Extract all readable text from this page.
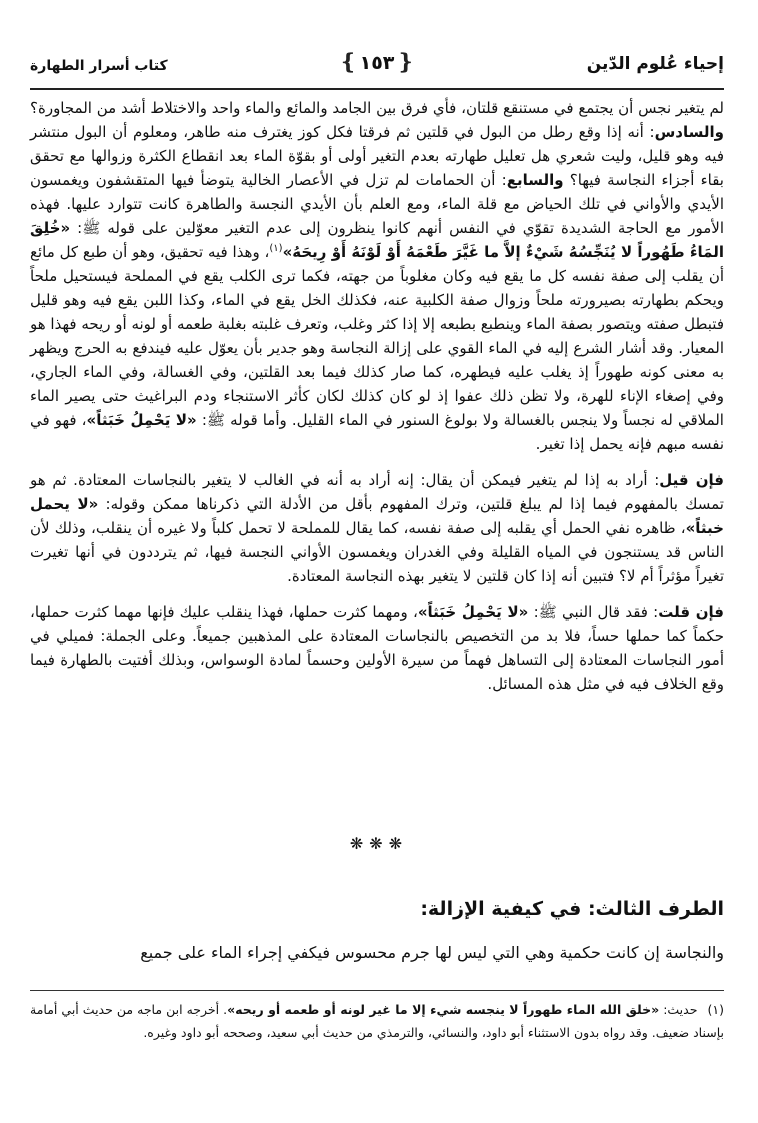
إحياء عُلوم الدّين
❴ ١٥٣❵
كتاب أسرار الطهارة

لم يتغير نجس أن يجتمع في مستنقع قلتان، فأي فرق بين الجامد والمائع والماء واحد والاختلاط أشد من المجاورة؟ والسادس: أنه إذا وقع رطل من البول في قلتين ثم فرقتا فكل كوز يغترف منه طاهر، ومعلوم أن البول منتشر فيه وهو قليل، وليت شعري هل تعليل طهارته بعدم التغير أولى أو بقوّة الماء بعد انقطاع الكثرة وزوالها مع تحقق بقاء أجزاء النجاسة فيها؟ والسابع: أن الحمامات لم تزل في الأعصار الخالية يتوضأ فيها المتقشفون ويغمسون الأيدي والأواني في تلك الحياض مع قلة الماء، ومع العلم بأن الأيدي النجسة والطاهرة كانت تتوارد عليها. فهذه الأمور مع الحاجة الشديدة تقوّي في النفس أنهم كانوا ينظرون إلى عدم التغير معوّلين على قوله ﷺ: «خُلِقَ المَاءُ طَهُوراً لا يُنَجِّسُهُ شَيْءٌ إلاَّ ما غَيَّرَ طَعْمَهُ أَوْ لَوْنَهُ أَوْ رِيحَهُ»$^{(١)}$، وهذا فيه تحقيق، وهو أن طبع كل مائع أن يقلب إلى صفة نفسه كل ما يقع فيه وكان مغلوباً من جهته، فكما ترى الكلب يقع في المملحة فيستحيل ملحاً ويحكم بطهارته بصيرورته ملحاً وزوال صفة الكلبية عنه، فكذلك الخل يقع في الماء، وكذا اللبن يقع فيه وهو قليل فتبطل صفته ويتصور بصفة الماء وينطبع بطبعه إلا إذا كثر وغلب، وتعرف غلبته بغلبة طعمه أو لونه أو ريحه فهذا هو المعيار. وقد أشار الشرع إليه في الماء القوي على إزالة النجاسة وهو جدير بأن يعوّل عليه فيندفع به الحرج ويظهر به معنى كونه طهوراً إذ يغلب عليه فيطهره، كما صار كذلك فيما بعد القلتين، وفي الغسالة، وفي الماء الجاري، وفي إصغاء الإناء للهرة، ولا تظن ذلك عفوا إذ لو كان كذلك لكان كأثر الاستنجاء ودم البراغيث حتى يصير الماء الملاقي له نجساً ولا ينجس بالغسالة ولا بولوغ السنور في الماء القليل. وأما قوله ﷺ: «لا يَحْمِلُ خَبَثاً»، فهو في نفسه مبهم فإنه يحمل إذا تغير.

فإن قيل: أراد به إذا لم يتغير فيمكن أن يقال: إنه أراد به أنه في الغالب لا يتغير بالنجاسات المعتادة. ثم هو تمسك بالمفهوم فيما إذا لم يبلغ قلتين، وترك المفهوم بأقل من الأدلة التي ذكرناها ممكن وقوله: «لا يحمل خبثاً»، ظاهره نفي الحمل أي يقلبه إلى صفة نفسه، كما يقال للمملحة لا تحمل كلباً ولا غيره أن ينقلب، وذلك لأن الناس قد يستنجون في المياه القليلة وفي الغدران ويغمسون الأواني النجسة فيها، ثم يترددون في أنها تغيرت تغيراً مؤثراً أم لا؟ فتبين أنه إذا كان قلتين لا يتغير بهذه النجاسة المعتادة.

فإن قلت: فقد قال النبي ﷺ: «لا يَحْمِلُ خَبَثاً»، ومهما كثرت حملها، فهذا ينقلب عليك فإنها مهما كثرت حملها، حكماً كما حملها حساً، فلا بد من التخصيص بالنجاسات المعتادة على المذهبين جميعاً. وعلى الجملة: فميلي في أمور النجاسات المعتادة إلى التساهل فهماً من سيرة الأولين وحسماً لمادة الوسواس، وبذلك أفتيت بالطهارة فيما وقع الخلاف فيه في مثل هذه المسائل.

❋❋❋
الطرف الثالث: في كيفية الإزالة:
والنجاسة إن كانت حكمية وهي التي ليس لها جرم محسوس فيكفي إجراء الماء على جميع
(١) حديث: «خلق الله الماء طهوراً لا ينجسه شيء إلا ما غير لونه أو طعمه أو ريحه». أخرجه ابن ماجه من حديث أبي أمامة بإسناد ضعيف. وقد رواه بدون الاستثناء أبو داود، والنسائي، والترمذي من حديث أبي سعيد، وصححه أبو داود وغيره.
